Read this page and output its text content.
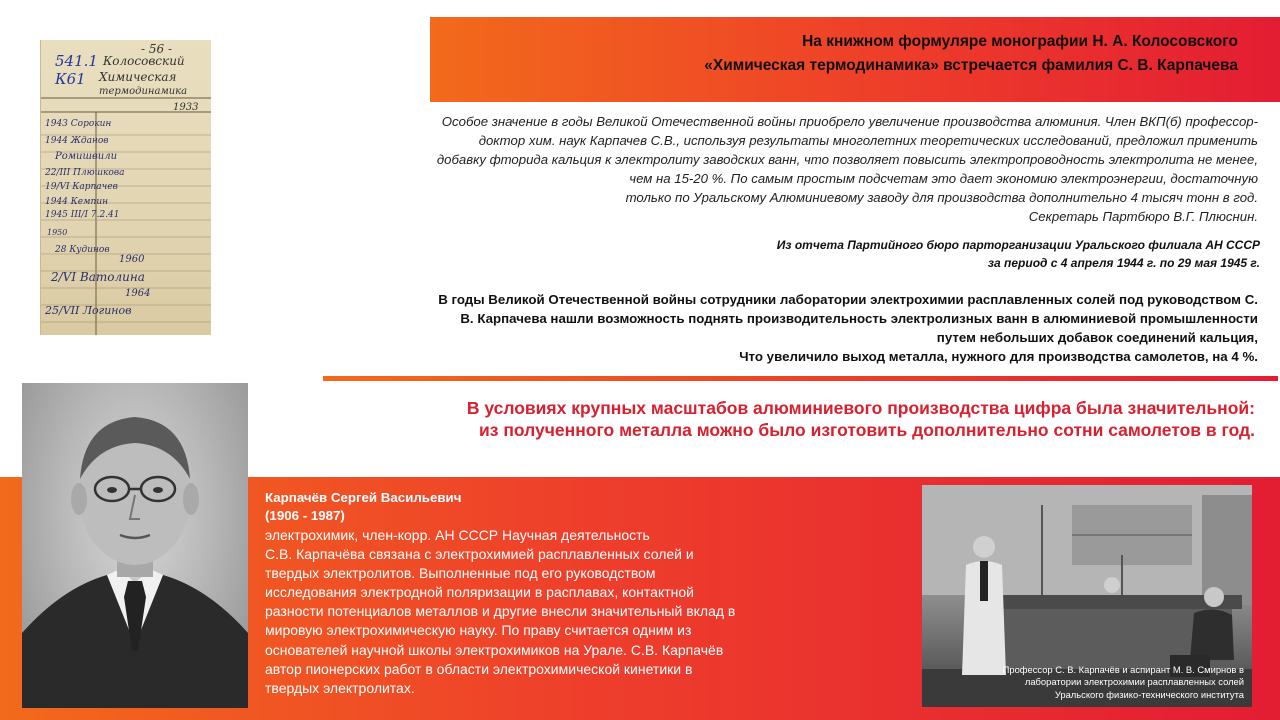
На книжном формуляре монографии Н. А. Колосовского
«Химическая термодинамика» встречается фамилия С. В. Карпачева
- 56 -
541.1
К61
Колосовский
Химическая
термодинамика
1933
1943 Сорокин
1944 Жданов
Ромишвили
22/III Плюшкова
19/VI Карпачев
1944 Кемпин
1945 III/I 7.2.41
1950
28 Кудинов
1960
2/VI Ватолина
1964
25/VII Логинов
Особое значение в годы Великой Отечественной войны приобрело увеличение производства алюминия. Член ВКП(б) профессор-
доктор хим. наук Карпачев С.В., используя результаты многолетних теоретических исследований, предложил применить
добавку фторида кальция к электролиту заводских ванн, что позволяет повысить электропроводность электролита не менее,
чем на 15-20 %. По самым простым подсчетам это дает экономию электроэнергии, достаточную
только по Уральскому Алюминиевому заводу для производства дополнительно 4 тысяч тонн в год.
Секретарь Партбюро В.Г. Плюснин.
Из отчета Партийного бюро парторганизации Уральского филиала АН СССР
за период с 4 апреля 1944 г. по 29 мая 1945 г.
В годы Великой Отечественной войны сотрудники лаборатории электрохимии расплавленных солей под руководством С.
В. Карпачева нашли возможность поднять производительность электролизных ванн в алюминиевой промышленности
путем небольших добавок соединений кальция,
Что увеличило выход металла, нужного для производства самолетов, на 4 %.
В условиях крупных масштабов алюминиевого производства цифра была значительной:
из полученного металла можно было изготовить дополнительно сотни самолетов в год.
Карпачёв Сергей Васильевич
(1906 - 1987)
электрохимик, член-корр. АН СССР Научная деятельность
С.В. Карпачёва связана с электрохимией расплавленных солей и
твердых электролитов. Выполненные под его руководством
исследования электродной поляризации в расплавах, контактной
разности потенциалов металлов и другие внесли значительный вклад в
мировую электрохимическую науку. По праву считается одним из
основателей научной школы электрохимиков на Урале. С.В. Карпачёв
автор пионерских работ в области электрохимической кинетики в
твердых электролитах.
Профессор С. В. Карпачёв и аспирант М. В. Смирнов в
лаборатории электрохимии расплавленных солей
Уральского физико-технического института
